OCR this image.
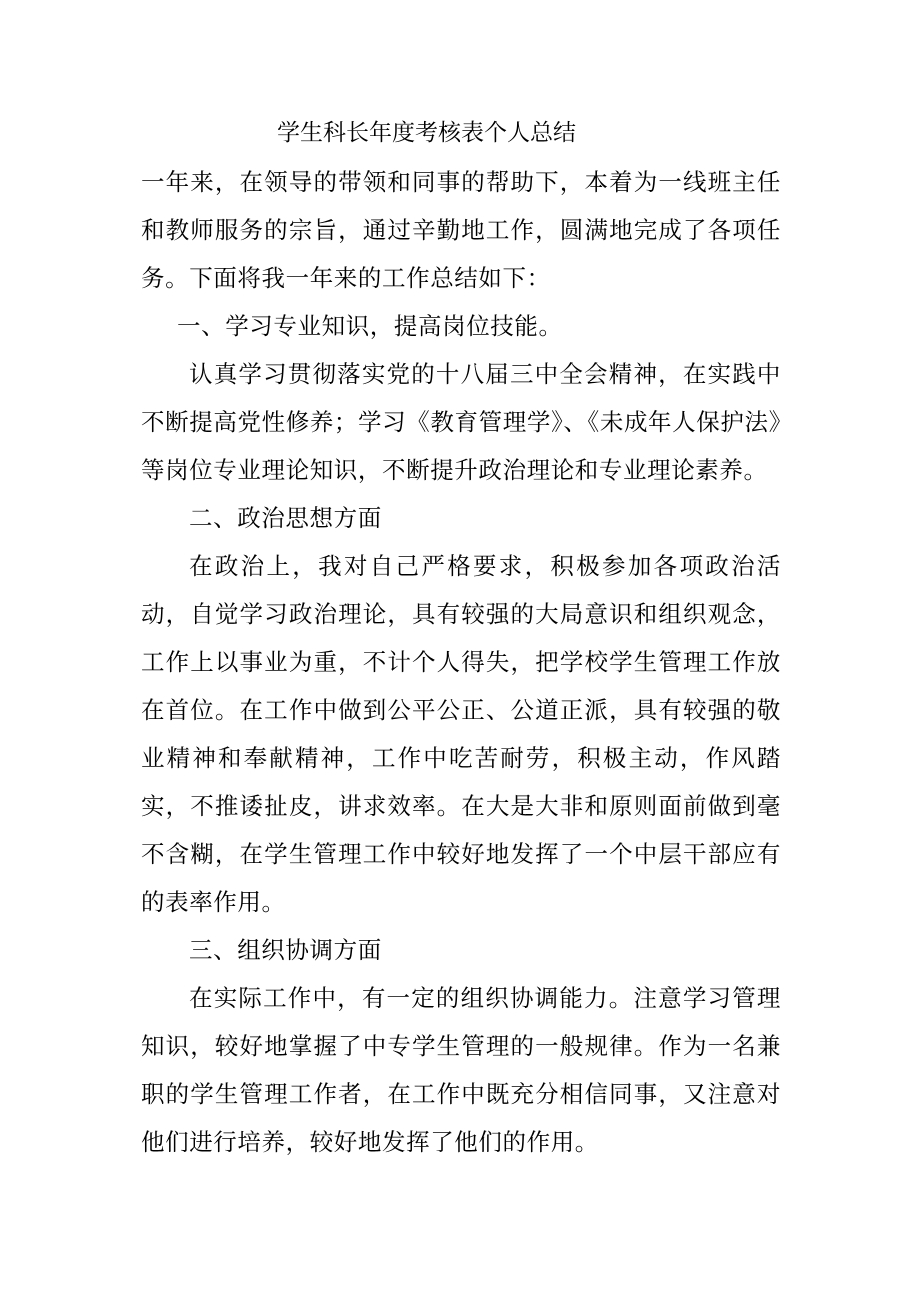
学生科长年度考核表个人总结

一年来，在领导的带领和同事的帮助下，本着为一线班主任和教师服务的宗旨，通过辛勤地工作，圆满地完成了各项任务。下面将我一年来的工作总结如下：

一、学习专业知识，提高岗位技能。

认真学习贯彻落实党的十八届三中全会精神，在实践中不断提高党性修养；学习《教育管理学》、《未成年人保护法》等岗位专业理论知识，不断提升政治理论和专业理论素养。

二、政治思想方面

在政治上，我对自己严格要求，积极参加各项政治活动，自觉学习政治理论，具有较强的大局意识和组织观念，工作上以事业为重，不计个人得失，把学校学生管理工作放在首位。在工作中做到公平公正、公道正派，具有较强的敬业精神和奉献精神，工作中吃苦耐劳，积极主动，作风踏实，不推诿扯皮，讲求效率。在大是大非和原则面前做到毫不含糊，在学生管理工作中较好地发挥了一个中层干部应有的表率作用。

三、组织协调方面

在实际工作中，有一定的组织协调能力。注意学习管理知识，较好地掌握了中专学生管理的一般规律。作为一名兼职的学生管理工作者，在工作中既充分相信同事，又注意对他们进行培养，较好地发挥了他们的作用。
